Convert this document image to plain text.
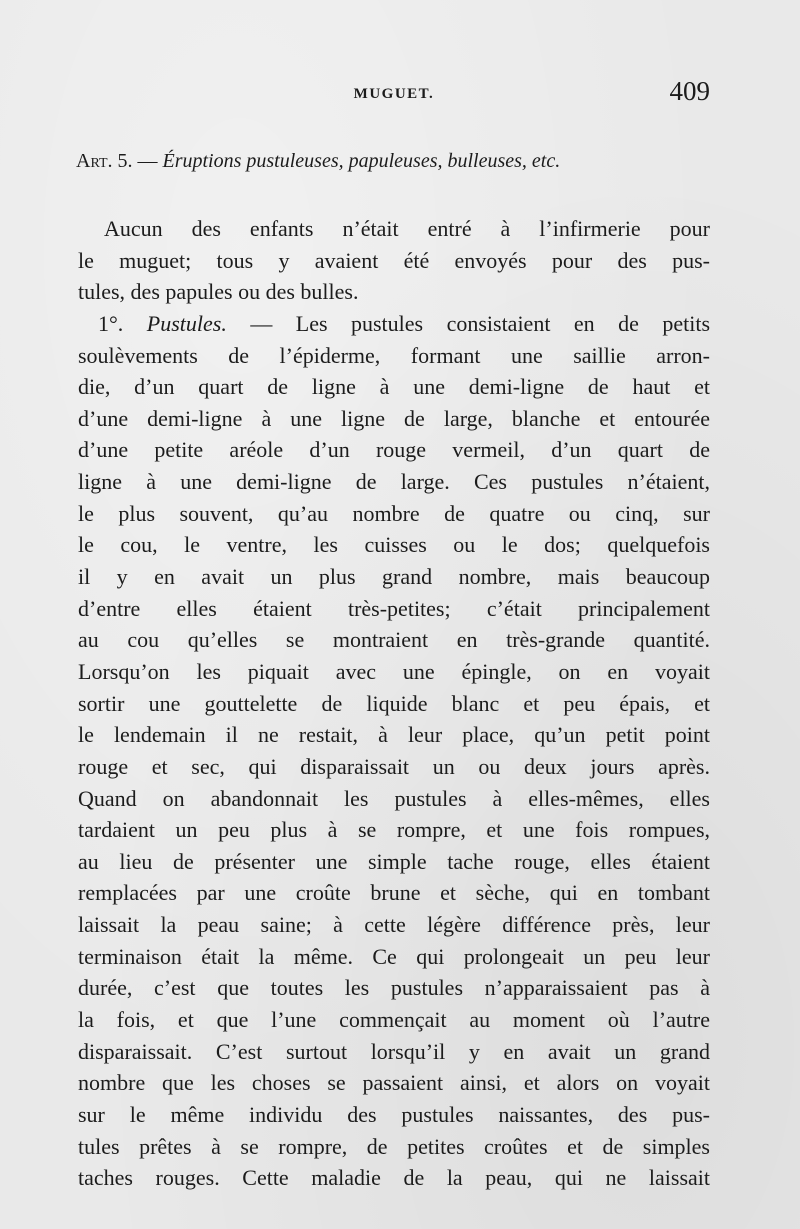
MUGUET.	409
Art. 5. — Éruptions pustuleuses, papuleuses, bulleuses, etc.
Aucun des enfants n’était entré à l’infirmerie pour
le muguet; tous y avaient été envoyés pour des pus-
tules, des papules ou des bulles.
1°. Pustules. — Les pustules consistaient en de petits
soulèvements de l’épiderme, formant une saillie arron-
die, d’un quart de ligne à une demi-ligne de haut et
d’une demi-ligne à une ligne de large, blanche et entourée
d’une petite aréole d’un rouge vermeil, d’un quart de
ligne à une demi-ligne de large. Ces pustules n’étaient,
le plus souvent, qu’au nombre de quatre ou cinq, sur
le cou, le ventre, les cuisses ou le dos; quelquefois
il y en avait un plus grand nombre, mais beaucoup
d’entre elles étaient très-petites; c’était principalement
au cou qu’elles se montraient en très-grande quantité.
Lorsqu’on les piquait avec une épingle, on en voyait
sortir une gouttelette de liquide blanc et peu épais, et
le lendemain il ne restait, à leur place, qu’un petit point
rouge et sec, qui disparaissait un ou deux jours après.
Quand on abandonnait les pustules à elles-mêmes, elles
tardaient un peu plus à se rompre, et une fois rompues,
au lieu de présenter une simple tache rouge, elles étaient
remplacées par une croûte brune et sèche, qui en tombant
laissait la peau saine; à cette légère différence près, leur
terminaison était la même. Ce qui prolongeait un peu leur
durée, c’est que toutes les pustules n’apparaissaient pas à
la fois, et que l’une commençait au moment où l’autre
disparaissait. C’est surtout lorsqu’il y en avait un grand
nombre que les choses se passaient ainsi, et alors on voyait
sur le même individu des pustules naissantes, des pus-
tules prêtes à se rompre, de petites croûtes et de simples
taches rouges. Cette maladie de la peau, qui ne laissait
